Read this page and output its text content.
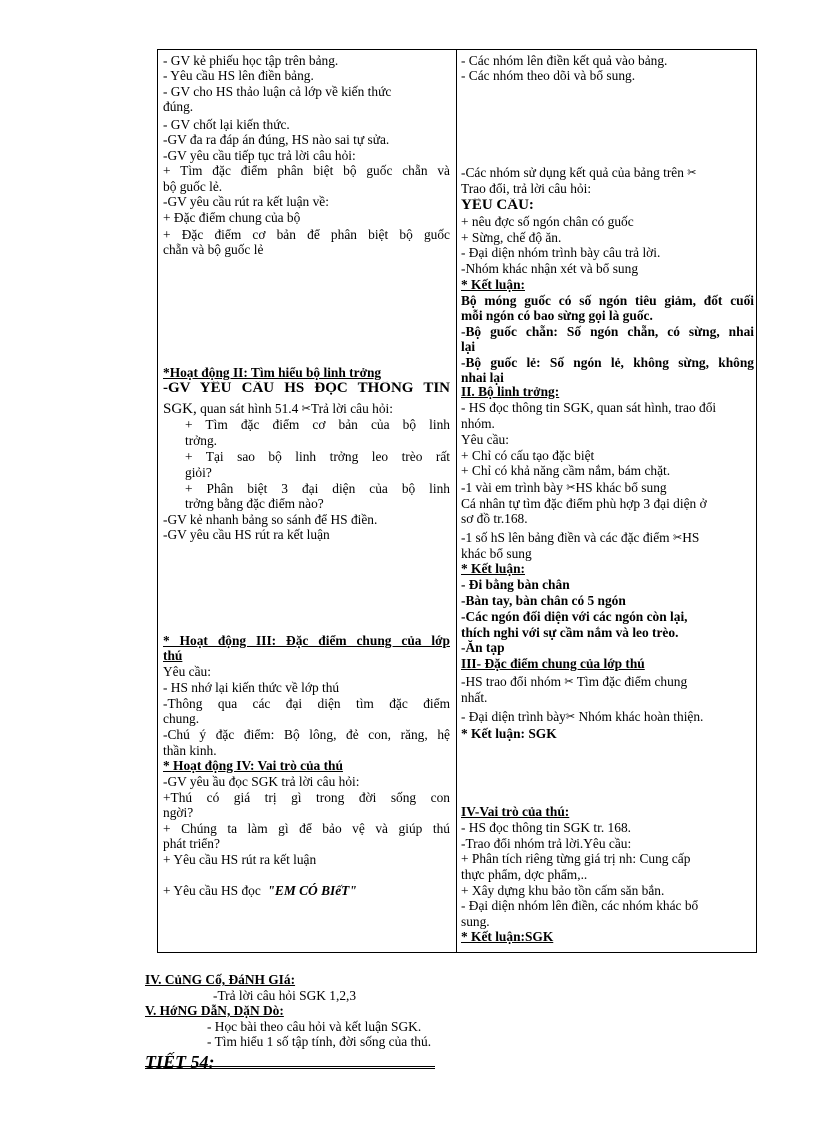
- GV kẻ phiếu học tập trên bảng.
- Yêu cầu HS lên điền bảng.
- GV cho HS thảo luận cả lớp về kiến thức
đúng.
- GV chốt lại kiến thức.
-GV đa ra đáp án đúng, HS nào sai tự sửa.
-GV yêu cầu tiếp tục trả lời câu hỏi:
+ Tìm đặc điểm phân biệt bộ guốc chẵn và
bộ guốc lẻ.
-GV yêu cầu rút ra kết luận về:
+ Đặc điểm chung của bộ
+ Đặc điểm cơ bản để phân biệt bộ guốc
chẵn và bộ guốc lẻ
*Hoạt động II: Tìm hiểu bộ linh trởng
-GV YÊU CẦU HS ĐỌC THÔNG TIN
SGK, quan sát hình 51.4 ✂Trả lời câu hỏi:
+ Tìm đặc điểm cơ bản của bộ linh
trởng.
+ Tại sao bộ linh trởng leo trèo rất
giỏi?
+ Phân biệt 3 đại diện của bộ linh
trởng bằng đặc điểm nào?
-GV kẻ nhanh bảng so sánh để HS điền.
-GV yêu cầu HS rút ra kết luận
* Hoạt động III: Đặc điểm chung của lớp
thú
Yêu cầu:
- HS nhớ lại kiến thức về lớp thú
-Thông qua các đại diện tìm đặc điểm
chung.
-Chú ý đặc điểm: Bộ lông, đẻ con, răng, hệ
thần kinh.
* Hoạt động IV: Vai trò của thú
-GV yêu ầu đọc SGK trả lời câu hỏi:
+Thú có giá trị gì trong đời sống con
ngời?
+ Chúng ta làm gì để bảo vệ và giúp thú
phát triển?
+ Yêu cầu HS rút ra kết luận
+ Yêu cầu HS đọc "EM CÓ BIếT"
- Các nhóm lên điền kết quả vào bảng.
- Các nhóm theo dõi và bổ sung.
-Các nhóm sử dụng kết quả của bảng trên ✂
Trao đổi, trả lời câu hỏi:
YÊU CẦU:
+ nêu đợc số ngón chân có guốc
+ Sừng, chế độ ăn.
- Đại diện nhóm trình bày câu trả lời.
-Nhóm khác nhận xét và bổ sung
* Kết luận:
Bộ móng guốc có số ngón tiêu giảm, đốt cuối
mỗi ngón có bao sừng gọi là guốc.
-Bộ guốc chẵn: Số ngón chẵn, có sừng, nhai
lại
-Bộ guốc lẻ: Số ngón lẻ, không sừng, không
nhai lại
II. Bộ linh trởng:
- HS đọc thông tin SGK, quan sát hình, trao đổi
nhóm.
Yêu cầu:
+ Chỉ có cấu tạo đặc biệt
+ Chỉ có khả năng cầm nắm, bám chặt.
-1 vài em trình bày ✂HS khác bổ sung
Cá nhân tự tìm đặc điểm phù hợp 3 đại diện ở
sơ đồ tr.168.
-1 số hS lên bảng điền và các đặc điểm ✂HS
khác bổ sung
* Kết luận:
- Đi bằng bàn chân
-Bàn tay, bàn chân có 5 ngón
-Các ngón đối diện với các ngón còn lại,
thích nghi với sự cầm nắm và leo trèo.
-Ăn tạp
III- Đặc điểm chung của lớp thú
-HS trao đổi nhóm ✂ Tìm đặc điểm chung
nhất.
- Đại diện trình bày✂ Nhóm khác hoàn thiện.
* Kết luận: SGK
IV-Vai trò của thú:
- HS đọc thông tin SGK tr. 168.
-Trao đổi nhóm trả lời.Yêu cầu:
+ Phân tích riêng từng giá trị nh: Cung cấp
thực phẩm, dợc phẩm,..
+ Xây dựng khu bảo tồn cấm săn bắn.
- Đại diện nhóm lên điền, các nhóm khác bổ
sung.
* Kết luận:SGK
IV. CủNG Cố, ĐáNH GIá:
-Trả lời câu hỏi SGK 1,2,3
V. HớNG DẫN, DặN Dò:
- Học bài theo câu hỏi và kết luận SGK.
- Tìm hiểu 1 số tập tính, đời sống của thú.
TIẾT 54:
